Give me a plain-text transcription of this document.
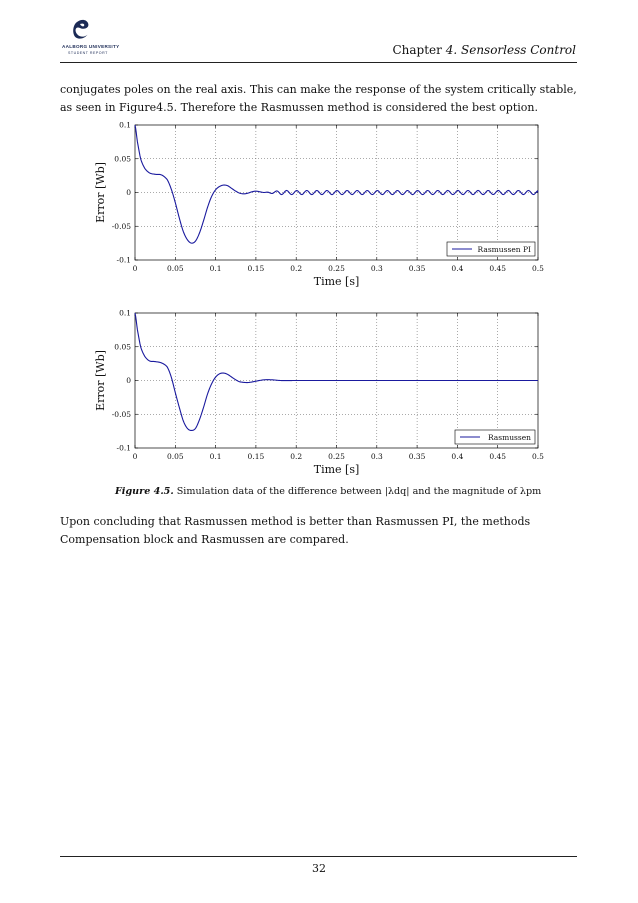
AALBORG UNIVERSITY
STUDENT REPORT	Chapter 4. Sensorless Control
conjugates poles on the real axis. This can make the response of the system critically stable, as seen in Figure4.5. Therefore the Rasmussen method is considered the best option.
0	0.05	0.1	0.15	0.2	0.25	0.3	0.35	0.4	0.45	0.5
0.1
0.05
0
-0.05
-0.1
Time [s]
Error [Wb]
Rasmussen PI
0	0.05	0.1	0.15	0.2	0.25	0.3	0.35	0.4	0.45	0.5
0.1
0.05
0
-0.05
-0.1
Time [s]
Error [Wb]
Rasmussen
Figure 4.5. Simulation data of the difference between |λdq| and the magnitude of λpm
Upon concluding that Rasmussen method is better than Rasmussen PI, the methods Compensation block and Rasmussen are compared.
32
